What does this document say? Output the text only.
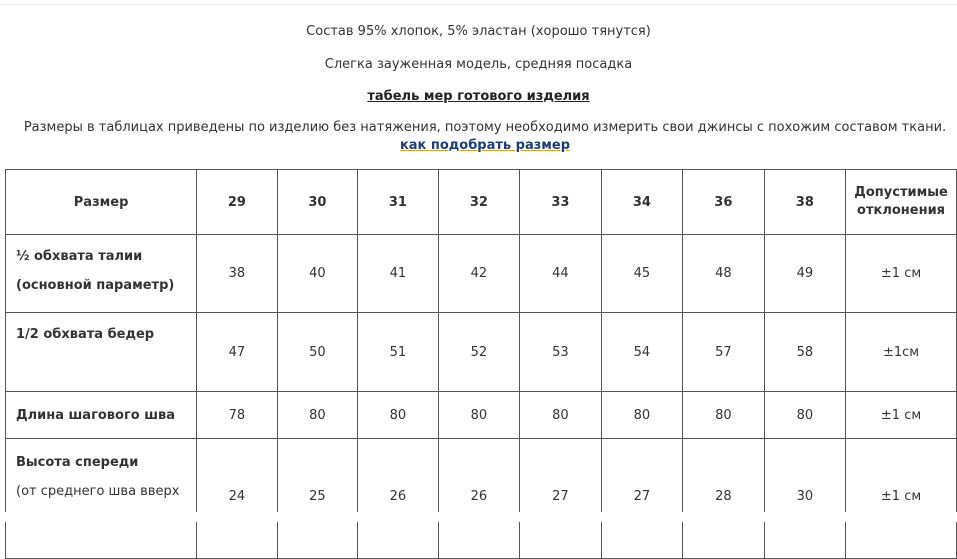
Состав 95% хлопок, 5% эластан (хорошо тянутся)
Слегка зауженная модель, средняя посадка
табель мер готового изделия
Размеры в таблицах приведены по изделию без натяжения, поэтому необходимо измерить свои джинсы с похожим составом ткани. как подобрать размер
Размер	29	30	31	32	33	34	36	38	Допустимые
отклонения

½ обхвата талии
(основной параметр)	38	40	41	42	44	45	48	49	±1 см

1/2 обхвата бедер	47	50	51	52	53	54	57	58	±1см
Длина шагового шва	78	80	80	80	80	80	80	80	±1 см

Высота спереди
(от среднего шва вверх	24	25	26	26	27	27	28	30	±1 см
